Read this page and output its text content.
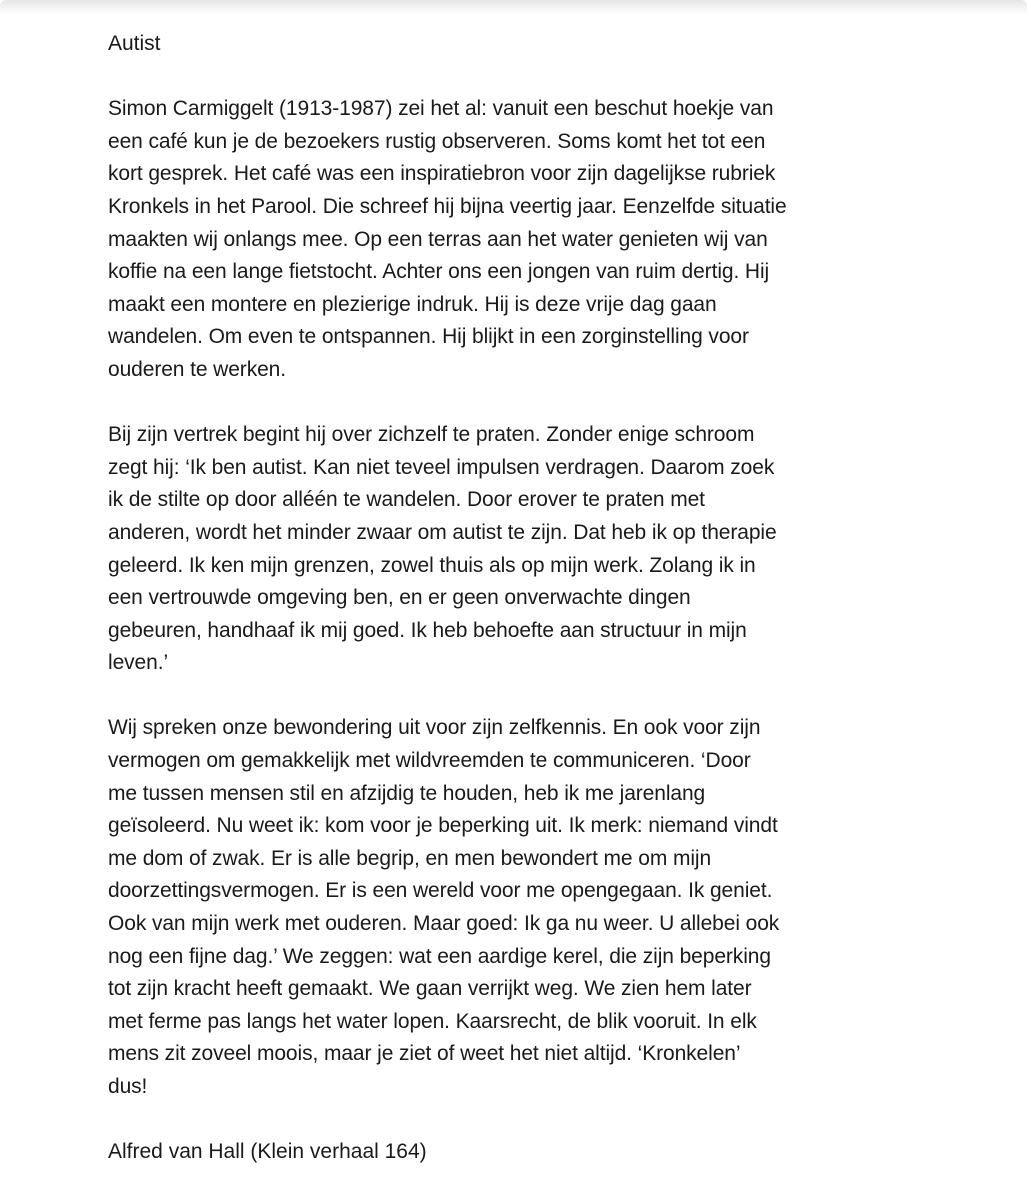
Autist
Simon Carmiggelt (1913-1987) zei het al: vanuit een beschut hoekje van
een café kun je de bezoekers rustig observeren. Soms komt het tot een
kort gesprek. Het café was een inspiratiebron voor zijn dagelijkse rubriek
Kronkels in het Parool. Die schreef hij bijna veertig jaar. Eenzelfde situatie
maakten wij onlangs mee. Op een terras aan het water genieten wij van
koffie na een lange fietstocht. Achter ons een jongen van ruim dertig. Hij
maakt een montere en plezierige indruk. Hij is deze vrije dag gaan
wandelen. Om even te ontspannen. Hij blijkt in een zorginstelling voor
ouderen te werken.
Bij zijn vertrek begint hij over zichzelf te praten. Zonder enige schroom
zegt hij: ‘Ik ben autist. Kan niet teveel impulsen verdragen. Daarom zoek
ik de stilte op door alléén te wandelen. Door erover te praten met
anderen, wordt het minder zwaar om autist te zijn. Dat heb ik op therapie
geleerd. Ik ken mijn grenzen, zowel thuis als op mijn werk. Zolang ik in
een vertrouwde omgeving ben, en er geen onverwachte dingen
gebeuren, handhaaf ik mij goed. Ik heb behoefte aan structuur in mijn
leven.’
Wij spreken onze bewondering uit voor zijn zelfkennis. En ook voor zijn
vermogen om gemakkelijk met wildvreemden te communiceren. ‘Door
me tussen mensen stil en afzijdig te houden, heb ik me jarenlang
geïsoleerd. Nu weet ik: kom voor je beperking uit. Ik merk: niemand vindt
me dom of zwak. Er is alle begrip, en men bewondert me om mijn
doorzettingsvermogen. Er is een wereld voor me opengegaan. Ik geniet.
Ook van mijn werk met ouderen. Maar goed: Ik ga nu weer. U allebei ook
nog een fijne dag.’ We zeggen: wat een aardige kerel, die zijn beperking
tot zijn kracht heeft gemaakt. We gaan verrijkt weg. We zien hem later
met ferme pas langs het water lopen. Kaarsrecht, de blik vooruit. In elk
mens zit zoveel moois, maar je ziet of weet het niet altijd. ‘Kronkelen’
dus!
Alfred van Hall (Klein verhaal 164)
